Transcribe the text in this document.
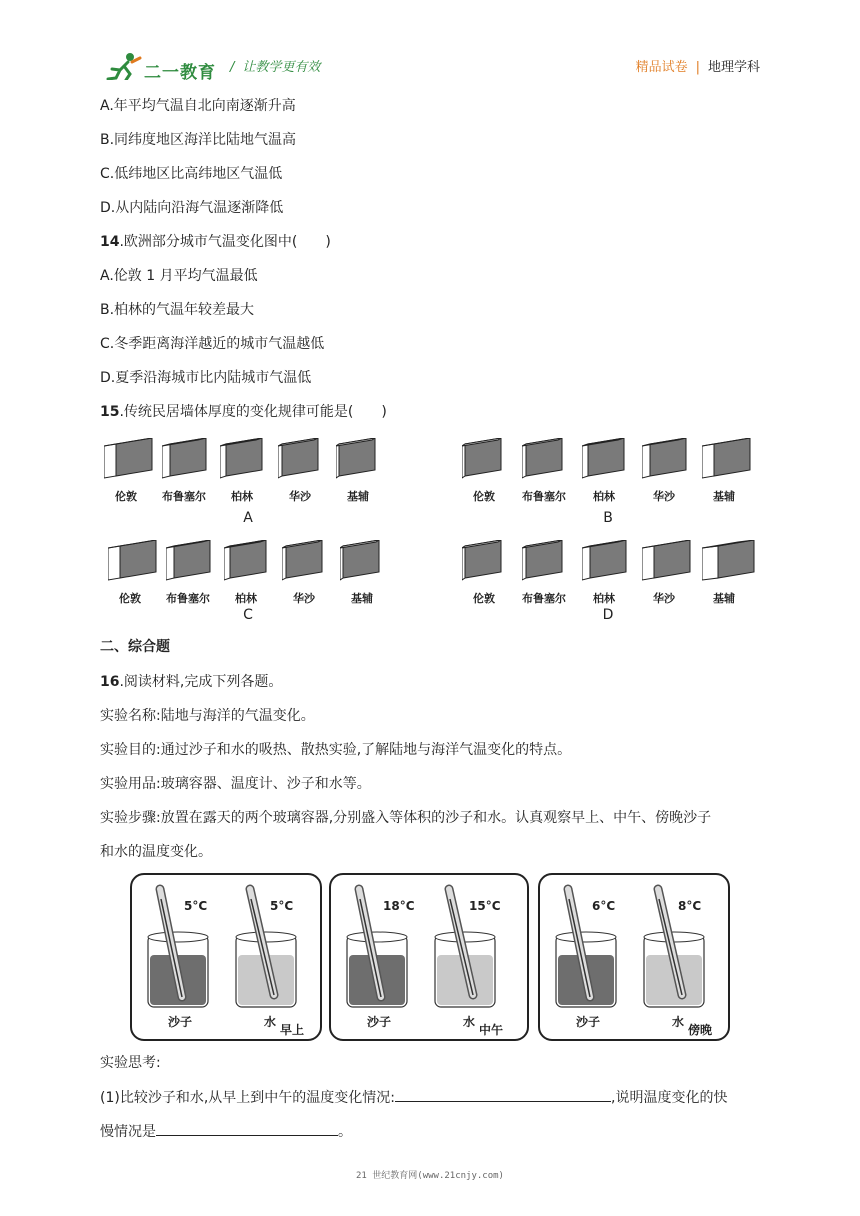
二一教育 / 让教学更有效	精品试卷 | 地理学科
A.年平均气温自北向南逐渐升高
B.同纬度地区海洋比陆地气温高
C.低纬地区比高纬地区气温低
D.从内陆向沿海气温逐渐降低
14.欧洲部分城市气温变化图中(　　)
A.伦敦 1 月平均气温最低
B.柏林的气温年较差最大
C.冬季距离海洋越近的城市气温越低
D.夏季沿海城市比内陆城市气温低
15.传统民居墙体厚度的变化规律可能是(　　)
伦敦	布鲁塞尔	柏林	华沙	基辅
A
伦敦	布鲁塞尔	柏林	华沙	基辅
B
伦敦	布鲁塞尔	柏林	华沙	基辅
C
伦敦	布鲁塞尔	柏林	华沙	基辅
D
二、综合题
16.阅读材料,完成下列各题。
实验名称:陆地与海洋的气温变化。
实验目的:通过沙子和水的吸热、散热实验,了解陆地与海洋气温变化的特点。
实验用品:玻璃容器、温度计、沙子和水等。
实验步骤:放置在露天的两个玻璃容器,分别盛入等体积的沙子和水。认真观察早上、中午、傍晚沙子
和水的温度变化。
5°C	5°C
沙子	水
早上
18°C	15°C
沙子	水
中午
6°C	8°C
沙子	水
傍晚
实验思考:
(1)比较沙子和水,从早上到中午的温度变化情况:	,说明温度变化的快
慢情况是	。
21 世纪教育网(www.21cnjy.com)
